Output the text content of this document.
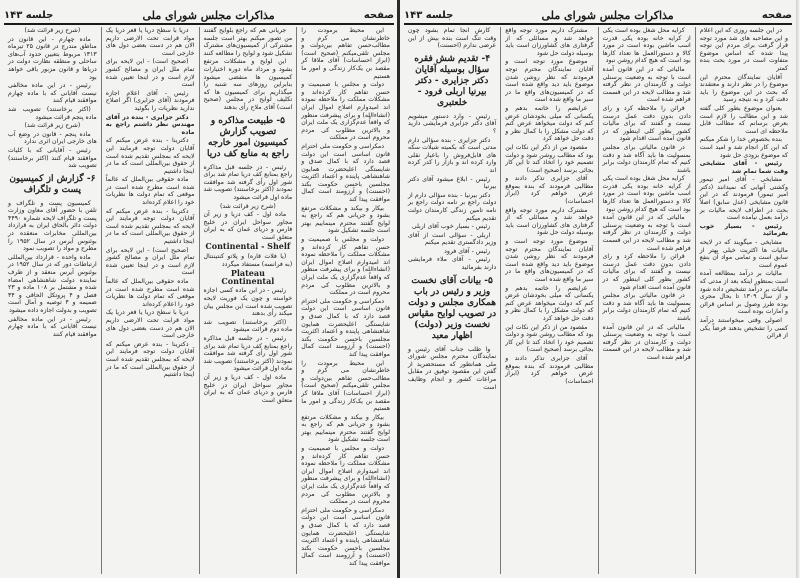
صفحه
مذاکرات مجلس شورای ملی
جلسه ۱۴۳

این محیط برمودت را خاطرنشان می کرم و مطالب‌حسن تفاهم بین‌دولت و مجلس تلقی‌میکنم (صحیح است) (ابراز احساسات) آقای ملاقا کر مقصد بن یک‌کار زندگی و امور ما هستیم

دولت و مجلس با صمیمیت و حسن تفاهم کار کرده‌اند و مشکلات مملکت را ملاحظه نموده اند امیدوارم اصلاح اموال ایران (انشاءالله) و برای پیشرفت منظور که واقعاً عدم‌گزاری یک ملت ایران و بالاترین مطلوب کی مردم محروم است در مملکت

دمکراسی و حکومت ملی احترام قانون اساسی است این دولت قصد دارد که با کمال صدق و شایستگی اعلیحضرت همایون شاهنشاهی پاینده و اعتماد اکثریت مجلسین باحسن حکومت بکند (احسنت) و آرزومند است کمال موافقت پیدا کند

بیکار و بیکند و مشکلات مرتفع بشود و جریانی هم که راجع به لوایح گفتند محترم مینماییم بهتر است جلسه تشکیل شود

دولت و مجلس با صمیمیت و حسن تفاهم کار کرده‌اند و مشکلات مملکت را ملاحظه نموده اند امیدوارم اصلاح اموال ایران (انشاءالله) و برای پیشرفت منظور که واقعاً عدم‌گزاری یک ملت ایران و بالاترین مطلوب کی مردم محروم است در مملکت

دمکراسی و حکومت ملی احترام قانون اساسی است این دولت قصد دارد که با کمال صدق و شایستگی اعلیحضرت همایون شاهنشاهی پاینده و اعتماد اکثریت مجلسین باحسن حکومت بکند (احسنت) و آرزومند است کمال موافقت پیدا کند

این محیط برمودت را خاطرنشان می کرم و مطالب‌حسن تفاهم بین‌دولت و مجلس تلقی‌میکنم (صحیح است) (ابراز احساسات) آقای ملاقا کر مقصد بن یک‌کار زندگی و امور ما هستیم

بیکار و بیکند و مشکلات مرتفع بشود و جریانی هم که راجع به لوایح گفتند محترم مینماییم بهتر است جلسه تشکیل شود

دولت و مجلس با صمیمیت و حسن تفاهم کار کرده‌اند و مشکلات مملکت را ملاحظه نموده اند امیدوارم اصلاح اموال ایران (انشاءالله) و برای پیشرفت منظور که واقعاً عدم‌گزاری یک ملت ایران و بالاترین مطلوب کی مردم محروم است در مملکت

دمکراسی و حکومت ملی احترام قانون اساسی است این دولت قصد دارد که با کمال صدق و شایستگی اعلیحضرت همایون شاهنشاهی پاینده و اعتماد اکثریت مجلسین باحسن حکومت بکند (احسنت) و آرزومند است کمال موافقت پیدا کند

جریانی هم که راجع بلوایح گفتند من تصور میکنم بهتر است جلسه مشترکی از کمیسیون‌های مشترک تشکیل شود و لوایح را مطالعه کنند

این لوایح و مشکلات مرتفع بشود و مرداد ماه دوره اختیارات کمیسیون ها منقضی میشود بنابراین روزهای سه شنبه را میگذاریم برای کمیسیون ها که تکلیف لوایح در مجلس (صحیح است) آقای ملاح رأی بدهند

۵- طبیعت مذاکره و تصویب گزارش کمیسیون امور خارجه راجع به منابع کف دریا

رئیس - در جلسه قبل مذاکره راجع بمنابع کف دریا تمام شد برای شور اول رأی گرفته شد موافقت نمودند (اکثر برخاستند) تصویب شد ماده اول قرائت میشود

(شرح زیر قرائت شد)

ماده اول - کف دریا و زیر آن مجاور سواحل ایران در خلیج فارس و دریای عمان که به ایران متعلق است

Continental - Shelf

(یا فلات قاره) و پلاتو کنتیننتال (به فرانسه) مستفاد میگردد

Plateau Continental

رئیس - در این ماده کسی اجازه خواسته و چون یک فوریت لایحه تصویب شده است این مجلس بیان میکند رأی بدهند

(اکثر برخاستند) تصویب شد ماده دوم قرائت میشود

رئیس - در جلسه قبل مذاکره راجع بمنابع کف دریا تمام شد برای شور اول رأی گرفته شد موافقت نمودند (اکثر برخاستند) تصویب شد ماده اول قرائت میشود

ماده اول - کف دریا و زیر آن مجاور سواحل ایران در خلیج فارس و دریای عمان که به ایران متعلق است

دریا با سطح دریا یا قعر دریا یک مواد قرابت تحت الارضی داریم الان هم در دست بعضی دول های خارجی است

(صحیح است) - این لایحه برای تمام ملل ایران و مصالح کشور لازم است و در اینجا تعیین شده است

رئیس - آقای اعلام اجازه فرمودند (آقای جزایری) اگر اصلاح ندارید نظریات را بگوئید

دکتر جزایری - بنده در آقای مهندس نظر داشتم راجع به ماده

دکترینا - بنده عرض میکنم که آقایان دولت توجه فرمایند این لایحه که بمجلس تقدیم شده است از حقوق بین‌المللی است که ما در اینجا داشتیم

ماده حقوقی بین‌الملل که عالماً شده است مطرح شده است در موقعی که تمام دولت ها نظریات خود را اعلام کرده‌اند

دکترینا - بنده عرض میکنم که آقایان دولت توجه فرمایند این لایحه که بمجلس تقدیم شده است از حقوق بین‌المللی است که ما در اینجا داشتیم

(صحیح است) - این لایحه برای تمام ملل ایران و مصالح کشور لازم است و در اینجا تعیین شده است

ماده حقوقی بین‌الملل که عالماً شده است مطرح شده است در موقعی که تمام دولت ها نظریات خود را اعلام کرده‌اند

دریا با سطح دریا یا قعر دریا یک مواد قرابت تحت الارضی داریم الان هم در دست بعضی دول های خارجی است

دکترینا - بنده عرض میکنم که آقایان دولت توجه فرمایند این لایحه که بمجلس تقدیم شده است از حقوق بین‌المللی است که ما در اینجا داشتیم

(شرح زیر قرائت شد)

ماده چهارم - این قانون در مناطق مندرج در قانون ۲۵ تیرماه ۱۳۱۳ مربوط بتعیین حدود آب‌های ساحلی و منطقه نظارت دولت در دریاها و قانون مزبور باقی خواهد بود

رئیس - در این ماده مخالفی نیست آقایانی که با ماده چهارم موافقند قیام کنند

(اکثر برخاستند) تصویب شد ماده پنجم قرائت میشود

(شرح زیر قرائت شد)

ماده پنجم - قانون در وضع آب های خارجی ایران اثری ندارد

رئیس - آقایانی که با کلیات موافقند قیام کنند (اکثر برخاستند) تصویب شد

۶- گزارش از کمیسیون پست و تلگراف

کمیسیون پست و تلگراف و تلفن با حضور آقای معاون وزارت پست و تلگراف لایحه شماره ۴۴۹۰ دولت دائر بالحاق ایران به قرارداد بین‌المللی مخابرات منعقده در بوئنوس آیرس در سال ۱۹۵۲ را مطرح و مواد را تصویب نمود

ماده واحده - قرارداد بین‌المللی ارتباطات دور که در سال ۱۹۵۲ در بوئنوس آیرس منعقد و از طرف نماینده دولت شاهنشاهی امضاء شده و مشتمل بر ۱۰۸ ماده و ۲۳ فصل و ۴ پروتکل الحاقی و ۳۴ ضمیمه و ۴ توصیه و آمال است تصویب و بدولت اجازه داده میشود

رئیس - در این ماده مخالفی نیست آقایانی که با ماده چهارم موافقند قیام کنند

صفحه
مذاکرات مجلس شورای ملی
جلسه ۱۴۳

در این جلسه روزی که این اعلام و این مصاحبه های شد مورد توجه قرار گرفت برای مردم این توجه پیدا شده که اساس موضوع متفاوت است در مورد بحث بنده کمتر

آقایان نمایندگان محترم این موضوع را در نظر دارند و معتقدند که بحث در این موضوع را باید دقت کرد و به نتیجه رسید

بعنوان موضوع بطور کلی گفته شد و این مطالب را لازم است بعرض برسانم که مطالب قابل ملاحظه ای است

بنده بخصوص خدا را شکر میکنم که این کار انجام شد و امید است که موضوع بزودی حل شود

رئیس - آقای مشایخی وقت شما تمام شد

مشایخی - آقای امیر تیمور وکشتی آنهایی که نمیدانند (دکتر امیر تیمور) فرمودند که در این قانون مشایخی (عدل سابق) اصلاً بحث در اطراف لایحه مالیات بر درآمد بعمل نیامده است

رئیس - بسیار خوب بفرمائید

مشایخی - میگویند که در لایحه مالیات ها اکثریت خیلی بهتر از سابق است و تمامی مواد آن بنفع عموم است

مالیات بر درآمد بمطالعه آمده است بمنظور اینکه بعد از مدتی که مالیات بر درآمد تشخیص داده شود و از سال ۱۳۰۹ تا بحال مجری بوده طرز وصول بر اساس قرائن و امارات بوده است

اصولی وقتی میخواستند درآمد کسی را تشخیص بدهند فرضاً یکی از قرائن

کرایه محل شغل بوده است یکی از کرایه خانه بوده یکی قدرت اسب ماشین بوده است در مورد کالا و دستورالعمل ها تعداد کارها بود است که هیچ کدام روشن نبود

مالیاتی که در این قانون آمده است با توجه به وضعیت پرسنلی دولت و کارمندان در نظر گرفته شد و مطالب لایحه در این قسمت فراهم شده است

قرائن را ملاحظه کرد و رای دادن بدون دقت عمل درست نیست و گفتند که برای مالیات کشور بطور کلی اینطور که در قانون آمده است اقدام شود

در قانون مالیاتی برای مجلس بمسولیت ها باید آگاه شد و دقت کنیم که تمام کارمندان دولت برابر باشند

کرایه محل شغل بوده است یکی از کرایه خانه بوده یکی قدرت اسب ماشین بوده است در مورد کالا و دستورالعمل ها تعداد کارها بود است که هیچ کدام روشن نبود

مالیاتی که در این قانون آمده است با توجه به وضعیت پرسنلی دولت و کارمندان در نظر گرفته شد و مطالب لایحه در این قسمت فراهم شده است

قرائن را ملاحظه کرد و رای دادن بدون دقت عمل درست نیست و گفتند که برای مالیات کشور بطور کلی اینطور که در قانون آمده است اقدام شود

در قانون مالیاتی برای مجلس بمسولیت ها باید آگاه شد و دقت کنیم که تمام کارمندان دولت برابر باشند

مالیاتی که در این قانون آمده است با توجه به وضعیت پرسنلی دولت و کارمندان در نظر گرفته شد و مطالب لایحه در این قسمت فراهم شده است

مشترک داریم مورد توجه واقع خواهد شد و مسائلی که از گرفتاری های کشاورزان است باید بوسیله دولت حل شود

موضوع مورد توجه است و آقایان نمایندگان محترم توجه فرمودند که نظر روشن شدن موضوع باید دید واقع شده است که در کمیسیون‌های واقع ما در سیر ما واقع شده است

عرایضم را خاتمه بدهم و یکسانی که میلی بخودشان عرض کنم که دولت میخواهد عرض کنم که دولت مشکل را با کمال نظر و دقت حل خواهد کرد

مقصود من از ذکر این نکات این بود که مطالب روشن شود و دولت تصمیم خود را اتخاذ کند تا این کار بجائی برسد (صحیح است)

آقای جزایری تذکر دادند و مطالبی فرمودند که بنده بموقع عرض خواهم کرد (ابراز احساسات)

مشترک داریم مورد توجه واقع خواهد شد و مسائلی که از گرفتاری های کشاورزان است باید بوسیله دولت حل شود

موضوع مورد توجه است و آقایان نمایندگان محترم توجه فرمودند که نظر روشن شدن موضوع باید دید واقع شده است که در کمیسیون‌های واقع ما در سیر ما واقع شده است

عرایضم را خاتمه بدهم و یکسانی که میلی بخودشان عرض کنم که دولت میخواهد عرض کنم که دولت مشکل را با کمال نظر و دقت حل خواهد کرد

مقصود من از ذکر این نکات این بود که مطالب روشن شود و دولت تصمیم خود را اتخاذ کند تا این کار بجائی برسد (صحیح است)

آقای جزایری تذکر دادند و مطالبی فرمودند که بنده بموقع عرض خواهم کرد (ابراز احساسات)

کارش آنجا تمام بشود چون وقت تنگ است بنده بیش از این عرضی ندارم (احسنت)

۴- تقدیم شش فقره سؤال بوسیله آقایان دکتر جزایری - دکتر بیرنیا اربلی فرود - خلعتبری

رئیس - وارد دستور میشویم آقای دکتر جزایری فرمایشی دارید ؟

دکتر جزایری - بنده سؤالی دارم مدتی است که بکمیته شیلات سکه های قابل‌فروش را باعیار نقلی وارد کرده اند و بازار را کدر کرده اند

رئیس - ابلاغ میشود آقای دکتر بیرنیا

دکتر بیرنیا - بنده سؤالی دارم از دولت راجع بر نامه دولت راجع بر نامه تامین زندگی کارمندان دولت تقدیم میکنم

رئیس - بسیار خوب آقای اربلی

اربلی - سؤالی است از آقای وزیر دادگستری تقدیم میکنم

رئیس - آقای فرود

رئیس - آقای ملاء فرمایشی دارند بفرمائید

۵- بیانات آقای نخست وزیر و رئیس در باب همکاری مجلس و دولت در تصویب لوایح مقیاس نخست وزیر (دولت) اظهار معبد

وا طلب جناب آقای رئیس و نمایندگان محترم مجلس شورای ملی همانطور که مستحضرید از گفتن این مقصود توفیق در مقابل مراعات کشور و انجام وظایف است
